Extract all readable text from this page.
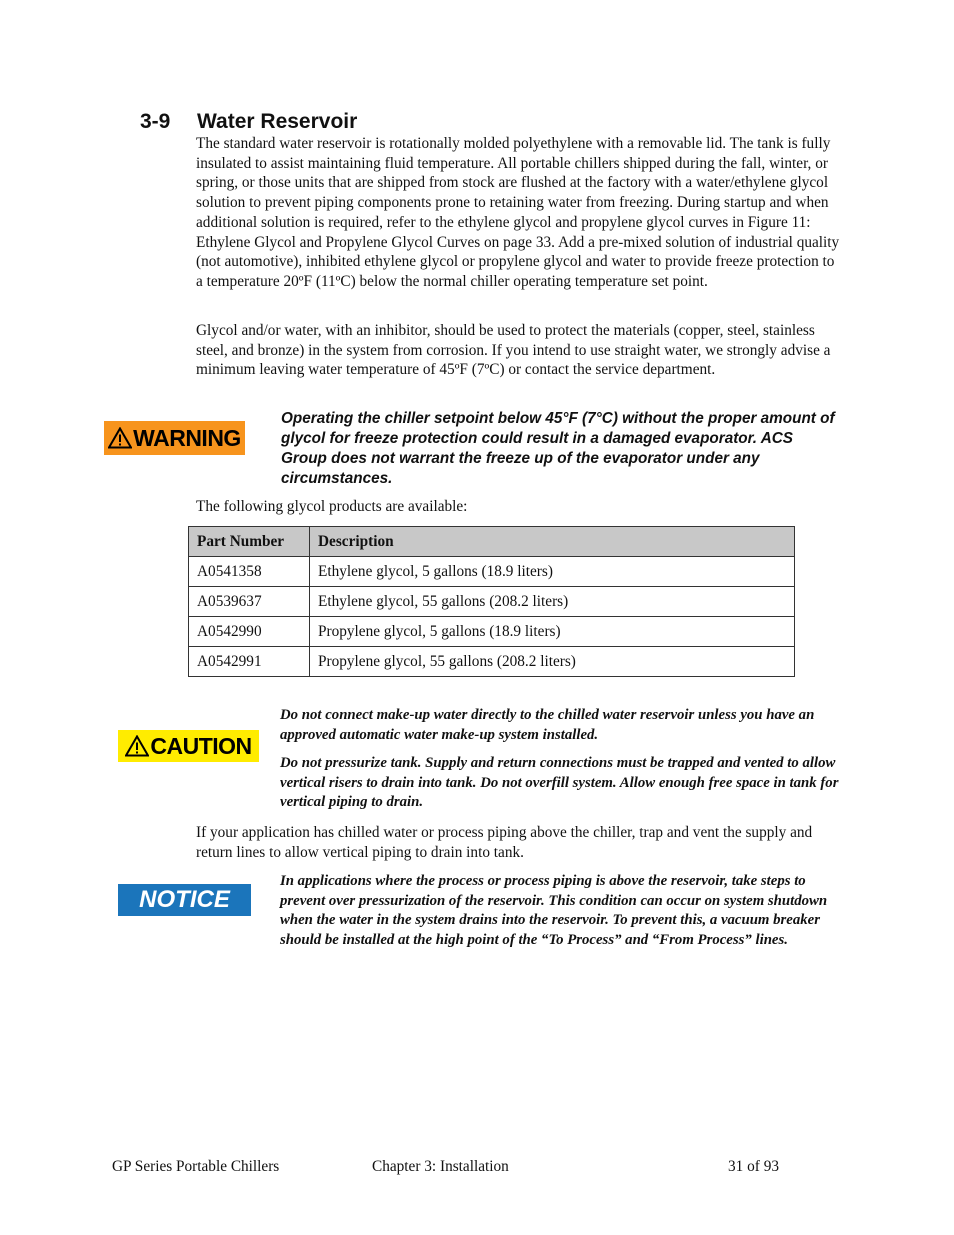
3-9 Water Reservoir
The standard water reservoir is rotationally molded polyethylene with a removable lid. The tank is fully insulated to assist maintaining fluid temperature. All portable chillers shipped during the fall, winter, or spring, or those units that are shipped from stock are flushed at the factory with a water/ethylene glycol solution to prevent piping components prone to retaining water from freezing. During startup and when additional solution is required, refer to the ethylene glycol and propylene glycol curves in Figure 11: Ethylene Glycol and Propylene Glycol Curves on page 33. Add a pre-mixed solution of industrial quality (not automotive), inhibited ethylene glycol or propylene glycol and water to provide freeze protection to a temperature 20ºF (11ºC) below the normal chiller operating temperature set point.
Glycol and/or water, with an inhibitor, should be used to protect the materials (copper, steel, stainless steel, and bronze) in the system from corrosion. If you intend to use straight water, we strongly advise a minimum leaving water temperature of 45ºF (7ºC) or contact the service department.
WARNING
Operating the chiller setpoint below 45°F (7°C) without the proper amount of glycol for freeze protection could result in a damaged evaporator. ACS Group does not warrant the freeze up of the evaporator under any circumstances.
The following glycol products are available:
Part Number	Description
A0541358	Ethylene glycol, 5 gallons (18.9 liters)
A0539637	Ethylene glycol, 55 gallons (208.2 liters)
A0542990	Propylene glycol, 5 gallons (18.9 liters)
A0542991	Propylene glycol, 55 gallons (208.2 liters)
CAUTION
Do not connect make-up water directly to the chilled water reservoir unless you have an approved automatic water make-up system installed.
Do not pressurize tank. Supply and return connections must be trapped and vented to allow vertical risers to drain into tank. Do not overfill system. Allow enough free space in tank for vertical piping to drain.
If your application has chilled water or process piping above the chiller, trap and vent the supply and return lines to allow vertical piping to drain into tank.
NOTICE
In applications where the process or process piping is above the reservoir, take steps to prevent over pressurization of the reservoir. This condition can occur on system shutdown when the water in the system drains into the reservoir. To prevent this, a vacuum breaker should be installed at the high point of the “To Process” and “From Process” lines.
GP Series Portable Chillers	Chapter 3: Installation	31 of 93
